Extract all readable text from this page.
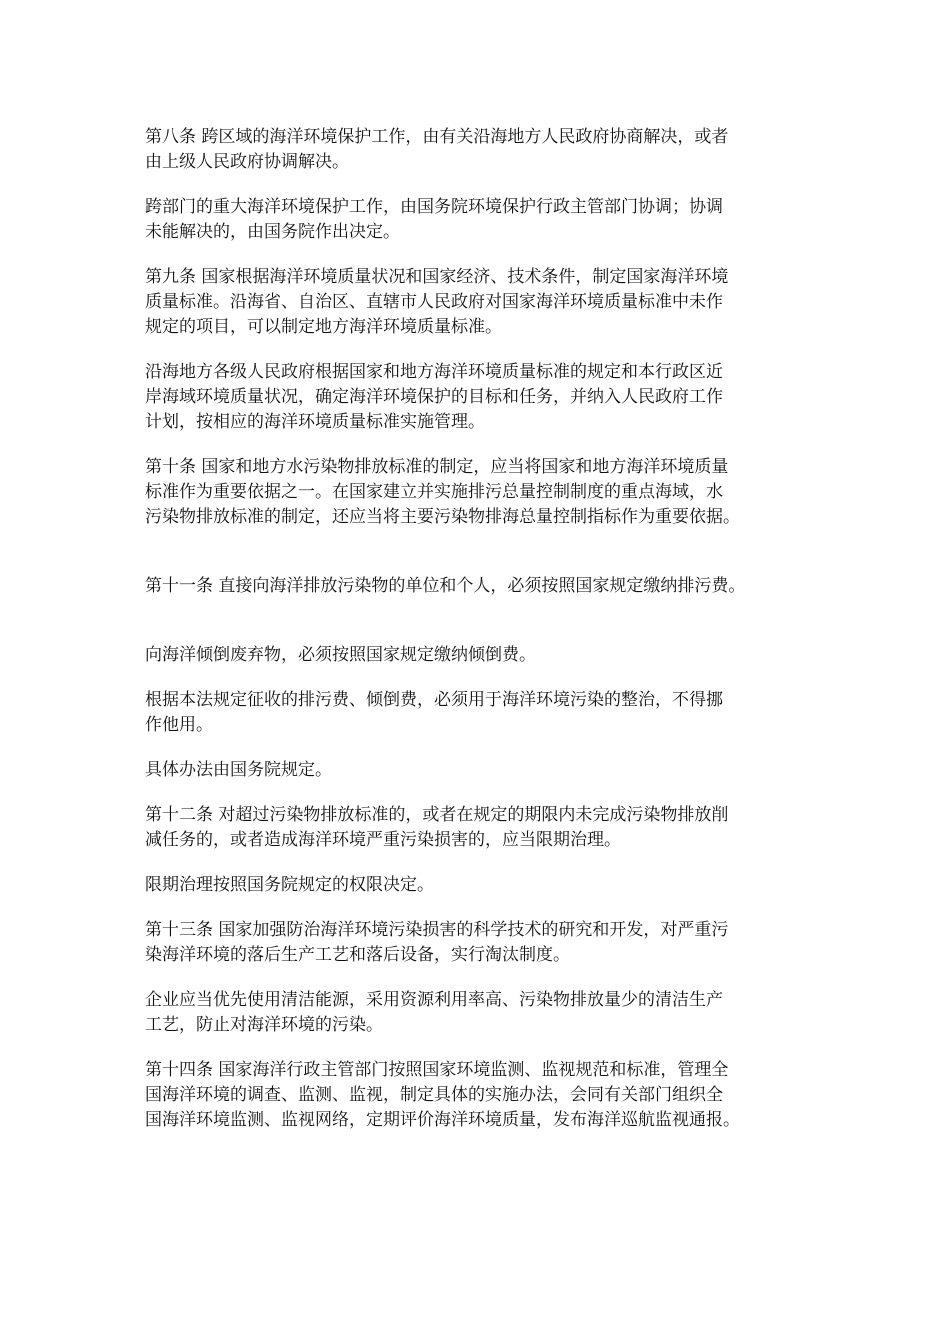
第八条 跨区域的海洋环境保护工作，由有关沿海地方人民政府协商解决，或者
由上级人民政府协调解决。

跨部门的重大海洋环境保护工作，由国务院环境保护行政主管部门协调；协调
未能解决的，由国务院作出决定。

第九条 国家根据海洋环境质量状况和国家经济、技术条件，制定国家海洋环境
质量标准。沿海省、自治区、直辖市人民政府对国家海洋环境质量标准中未作
规定的项目，可以制定地方海洋环境质量标准。

沿海地方各级人民政府根据国家和地方海洋环境质量标准的规定和本行政区近
岸海域环境质量状况，确定海洋环境保护的目标和任务，并纳入人民政府工作
计划，按相应的海洋环境质量标准实施管理。

第十条 国家和地方水污染物排放标准的制定，应当将国家和地方海洋环境质量
标准作为重要依据之一。在国家建立并实施排污总量控制制度的重点海域，水
污染物排放标准的制定，还应当将主要污染物排海总量控制指标作为重要依据。

第十一条 直接向海洋排放污染物的单位和个人，必须按照国家规定缴纳排污费。

向海洋倾倒废弃物，必须按照国家规定缴纳倾倒费。

根据本法规定征收的排污费、倾倒费，必须用于海洋环境污染的整治，不得挪
作他用。

具体办法由国务院规定。

第十二条 对超过污染物排放标准的，或者在规定的期限内未完成污染物排放削
减任务的，或者造成海洋环境严重污染损害的，应当限期治理。

限期治理按照国务院规定的权限决定。

第十三条 国家加强防治海洋环境污染损害的科学技术的研究和开发，对严重污
染海洋环境的落后生产工艺和落后设备，实行淘汰制度。

企业应当优先使用清洁能源，采用资源利用率高、污染物排放量少的清洁生产
工艺，防止对海洋环境的污染。

第十四条 国家海洋行政主管部门按照国家环境监测、监视规范和标准，管理全
国海洋环境的调查、监测、监视，制定具体的实施办法，会同有关部门组织全
国海洋环境监测、监视网络，定期评价海洋环境质量，发布海洋巡航监视通报。
